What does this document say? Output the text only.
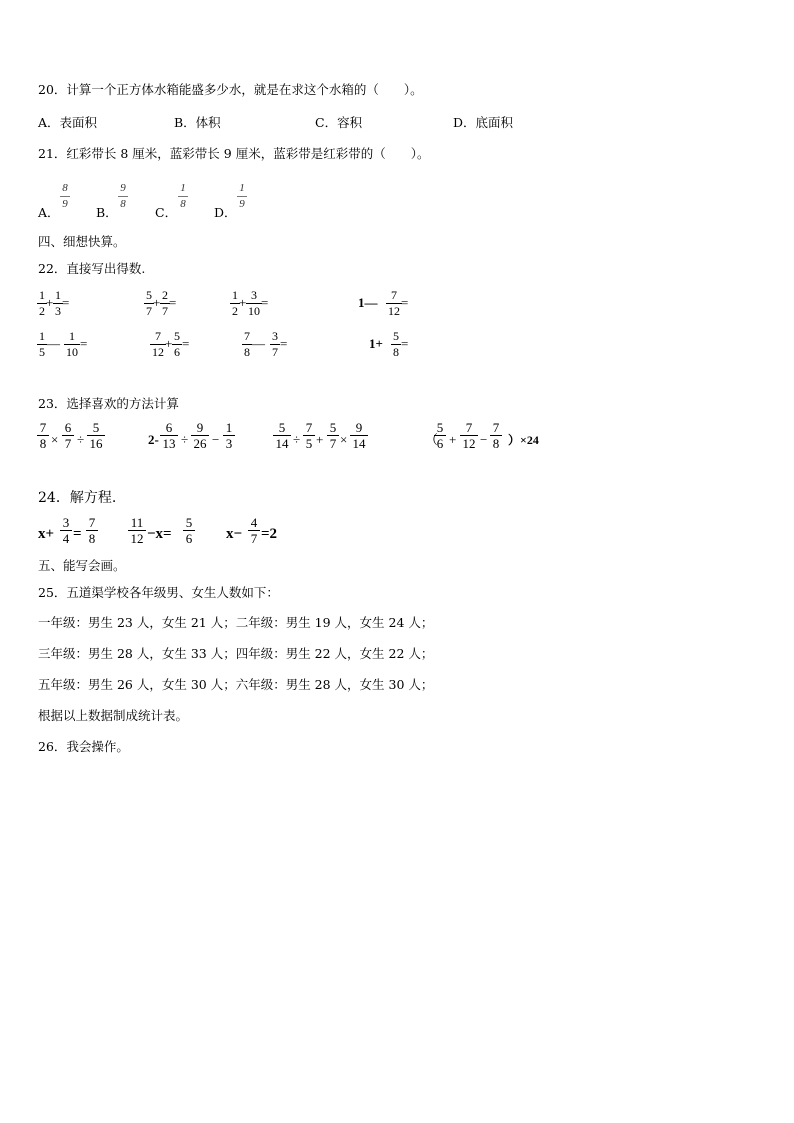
20．计算一个正方体水箱能盛多少水，就是在求这个水箱的（　　）。
A．表面积	B．体积	C．容积	D．底面积
21．红彩带长 8 厘米，蓝彩带长 9 厘米，蓝彩带是红彩带的（　　）。
A．
8
9
B．
9
8
C．
1
8
D．
1
9
四、细想快算。
22．直接写出得数.
1
2
+ 1
3
=	5
7
+ 2
7
=	1
2
+ 3
10
=	1— 7
12
=
1
5
— 1
10
=	7
12
+ 5
6
=	7
8
— 3
7
=	1+ 5
8
=
23．选择喜欢的方法计算
7
8 ×
6
7 ÷
5
16	2-
6
13 ÷
9
26 −
1
3
5
14 ÷
7
5 +
5
7 ×
9
14	（
5
6 +
7
12 −
7
8 ）×24
24．解方程.
x+
3
4 =
7
8
11
12 −x=
5
6 x−
4
7 =2
五、能写会画。
25．五道渠学校各年级男、女生人数如下：
一年级：男生 23 人，女生 21 人；二年级：男生 19 人，女生 24 人；
三年级：男生 28 人，女生 33 人；四年级：男生 22 人，女生 22 人；
五年级：男生 26 人，女生 30 人；六年级：男生 28 人，女生 30 人；
根据以上数据制成统计表。
26．我会操作。
